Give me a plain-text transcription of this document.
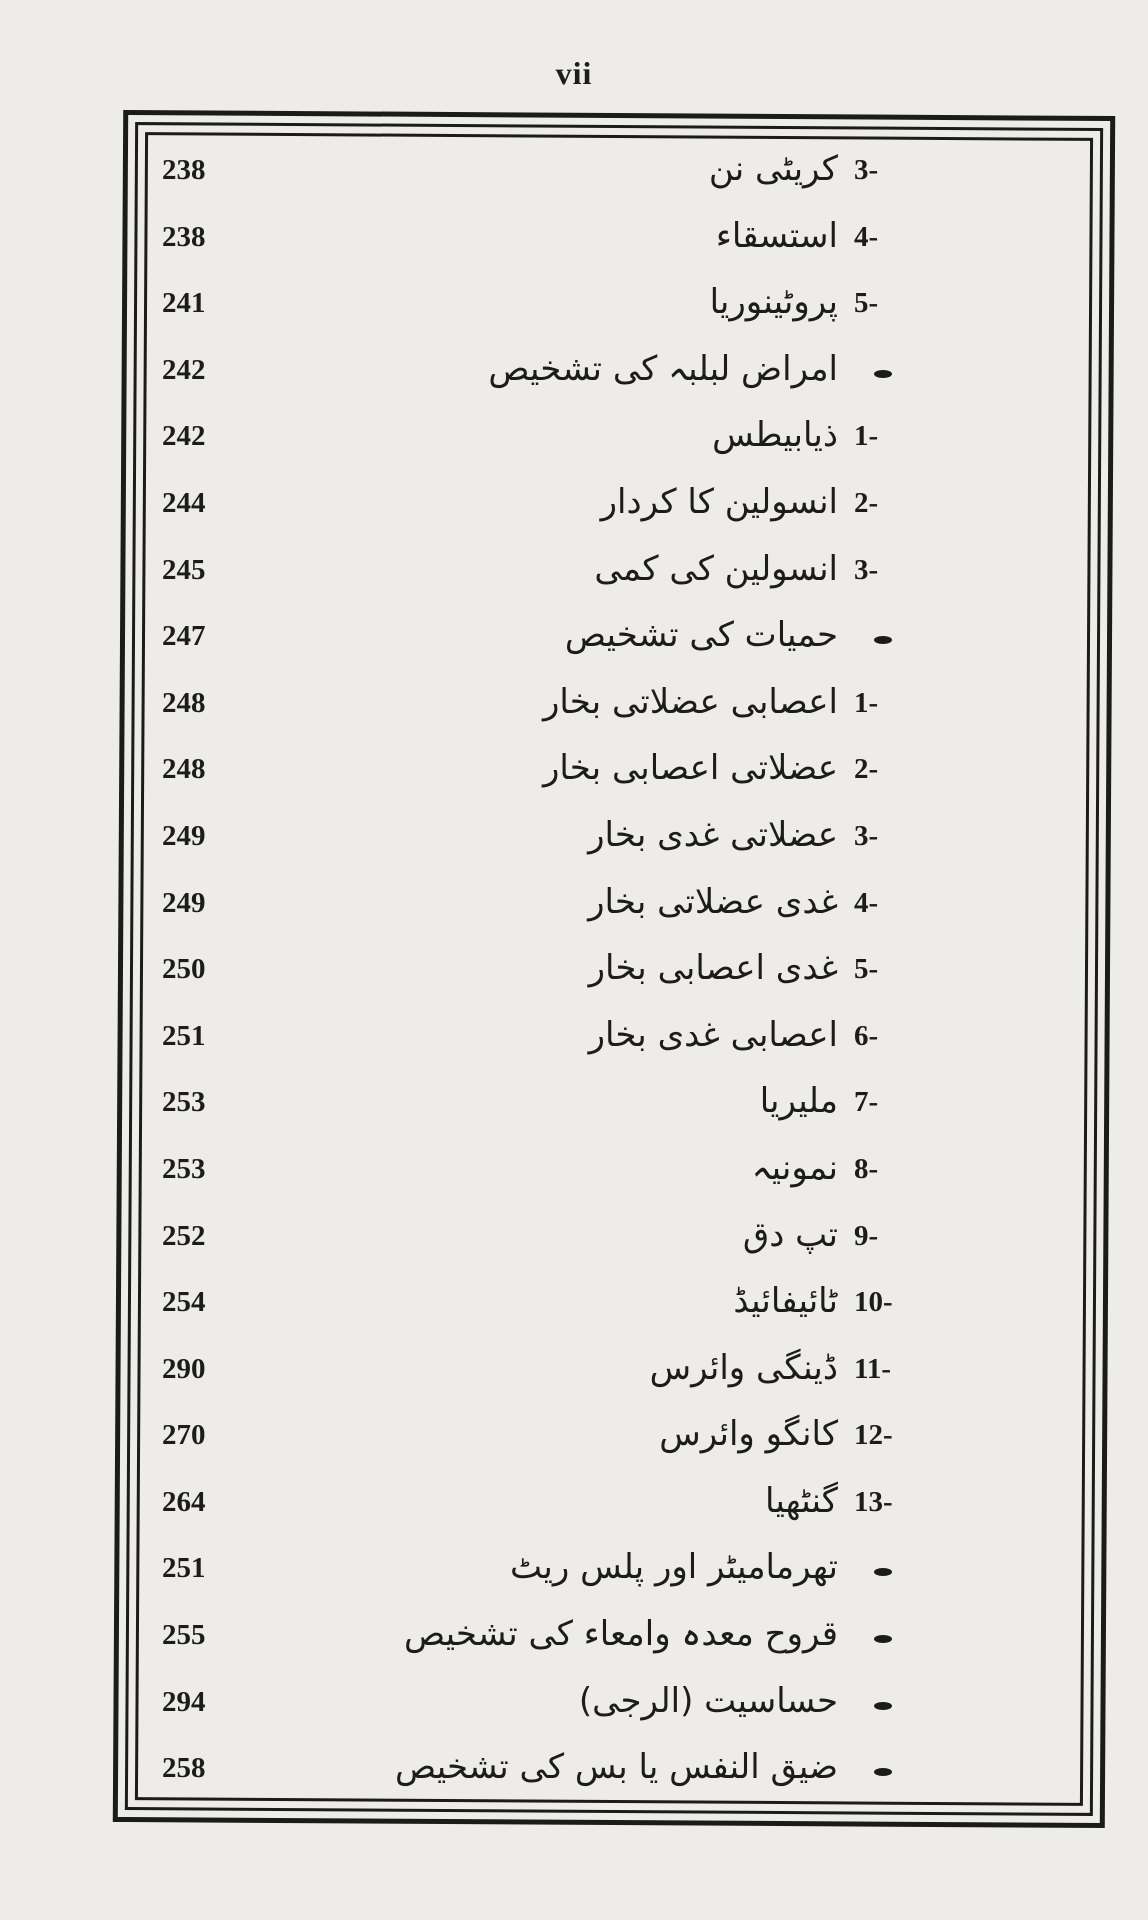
vii
238	کریٹی نن 3-
238	استسقاء 4-
241	پروٹینوریا 5-
242	امراض لبلبہ کی تشخیص
242	ذیابیطس 1-
244	انسولین کا کردار 2-
245	انسولین کی کمی 3-
247	حمیات کی تشخیص
248	اعصابی عضلاتی بخار 1-
248	عضلاتی اعصابی بخار 2-
249	عضلاتی غدی بخار 3-
249	غدی عضلاتی بخار 4-
250	غدی اعصابی بخار 5-
251	اعصابی غدی بخار 6-
253	ملیریا 7-
253	نمونیہ 8-
252	تپ دق 9-
254	ٹائیفائیڈ 10-
290	ڈینگی وائرس 11-
270	کانگو وائرس 12-
264	گنٹھیا 13-
251	تھرمامیٹر اور پلس ریٹ
255	قروح معدہ وامعاء کی تشخیص
294	حساسیت (الرجی)
258	ضیق النفس یا بس کی تشخیص
